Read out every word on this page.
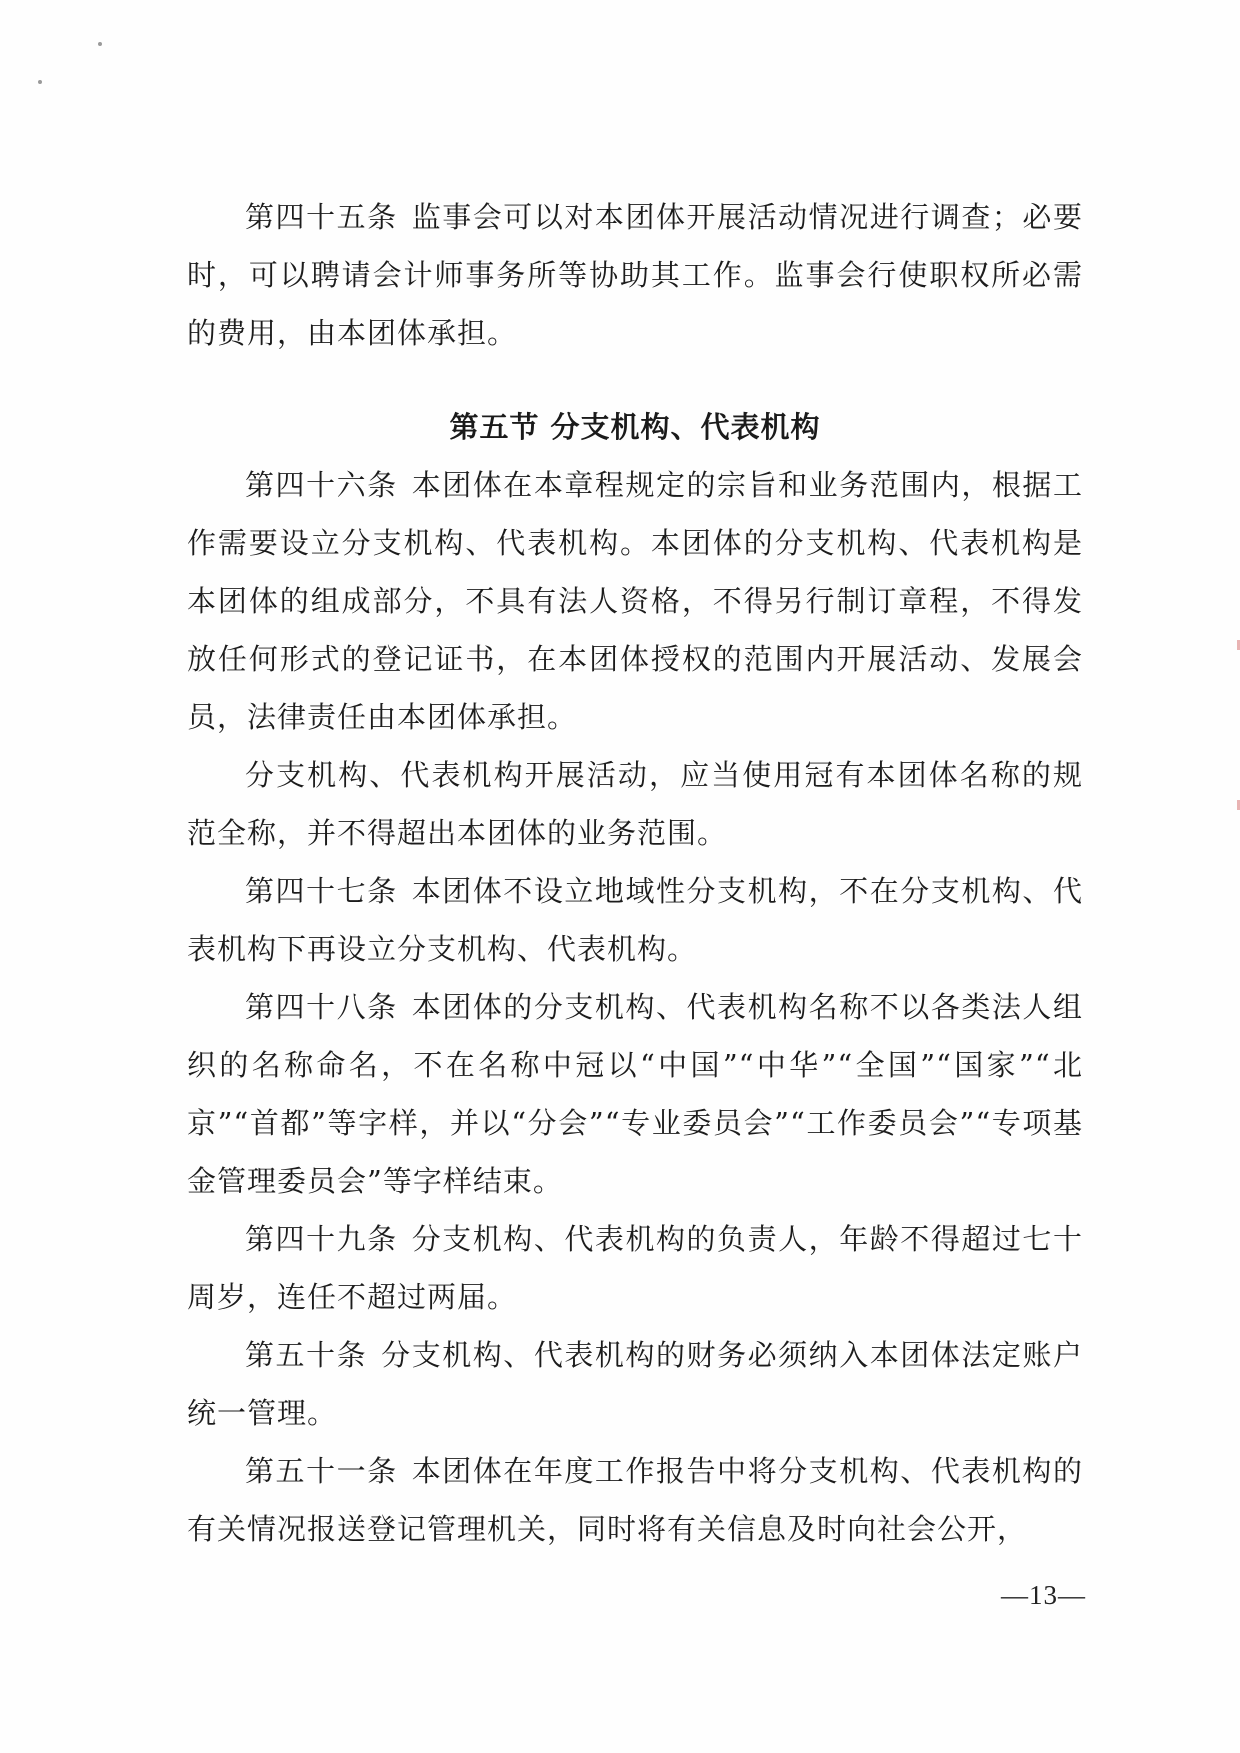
第四十五条 监事会可以对本团体开展活动情况进行调查；必要时，可以聘请会计师事务所等协助其工作。监事会行使职权所必需的费用，由本团体承担。

第五节 分支机构、代表机构

第四十六条 本团体在本章程规定的宗旨和业务范围内，根据工作需要设立分支机构、代表机构。本团体的分支机构、代表机构是本团体的组成部分，不具有法人资格，不得另行制订章程，不得发放任何形式的登记证书，在本团体授权的范围内开展活动、发展会员，法律责任由本团体承担。

分支机构、代表机构开展活动，应当使用冠有本团体名称的规范全称，并不得超出本团体的业务范围。

第四十七条 本团体不设立地域性分支机构，不在分支机构、代表机构下再设立分支机构、代表机构。

第四十八条 本团体的分支机构、代表机构名称不以各类法人组织的名称命名，不在名称中冠以“中国”“中华”“全国”“国家”“北京”“首都”等字样，并以“分会”“专业委员会”“工作委员会”“专项基金管理委员会”等字样结束。

第四十九条 分支机构、代表机构的负责人，年龄不得超过七十周岁，连任不超过两届。

第五十条 分支机构、代表机构的财务必须纳入本团体法定账户统一管理。

第五十一条 本团体在年度工作报告中将分支机构、代表机构的有关情况报送登记管理机关，同时将有关信息及时向社会公开，

—13—
